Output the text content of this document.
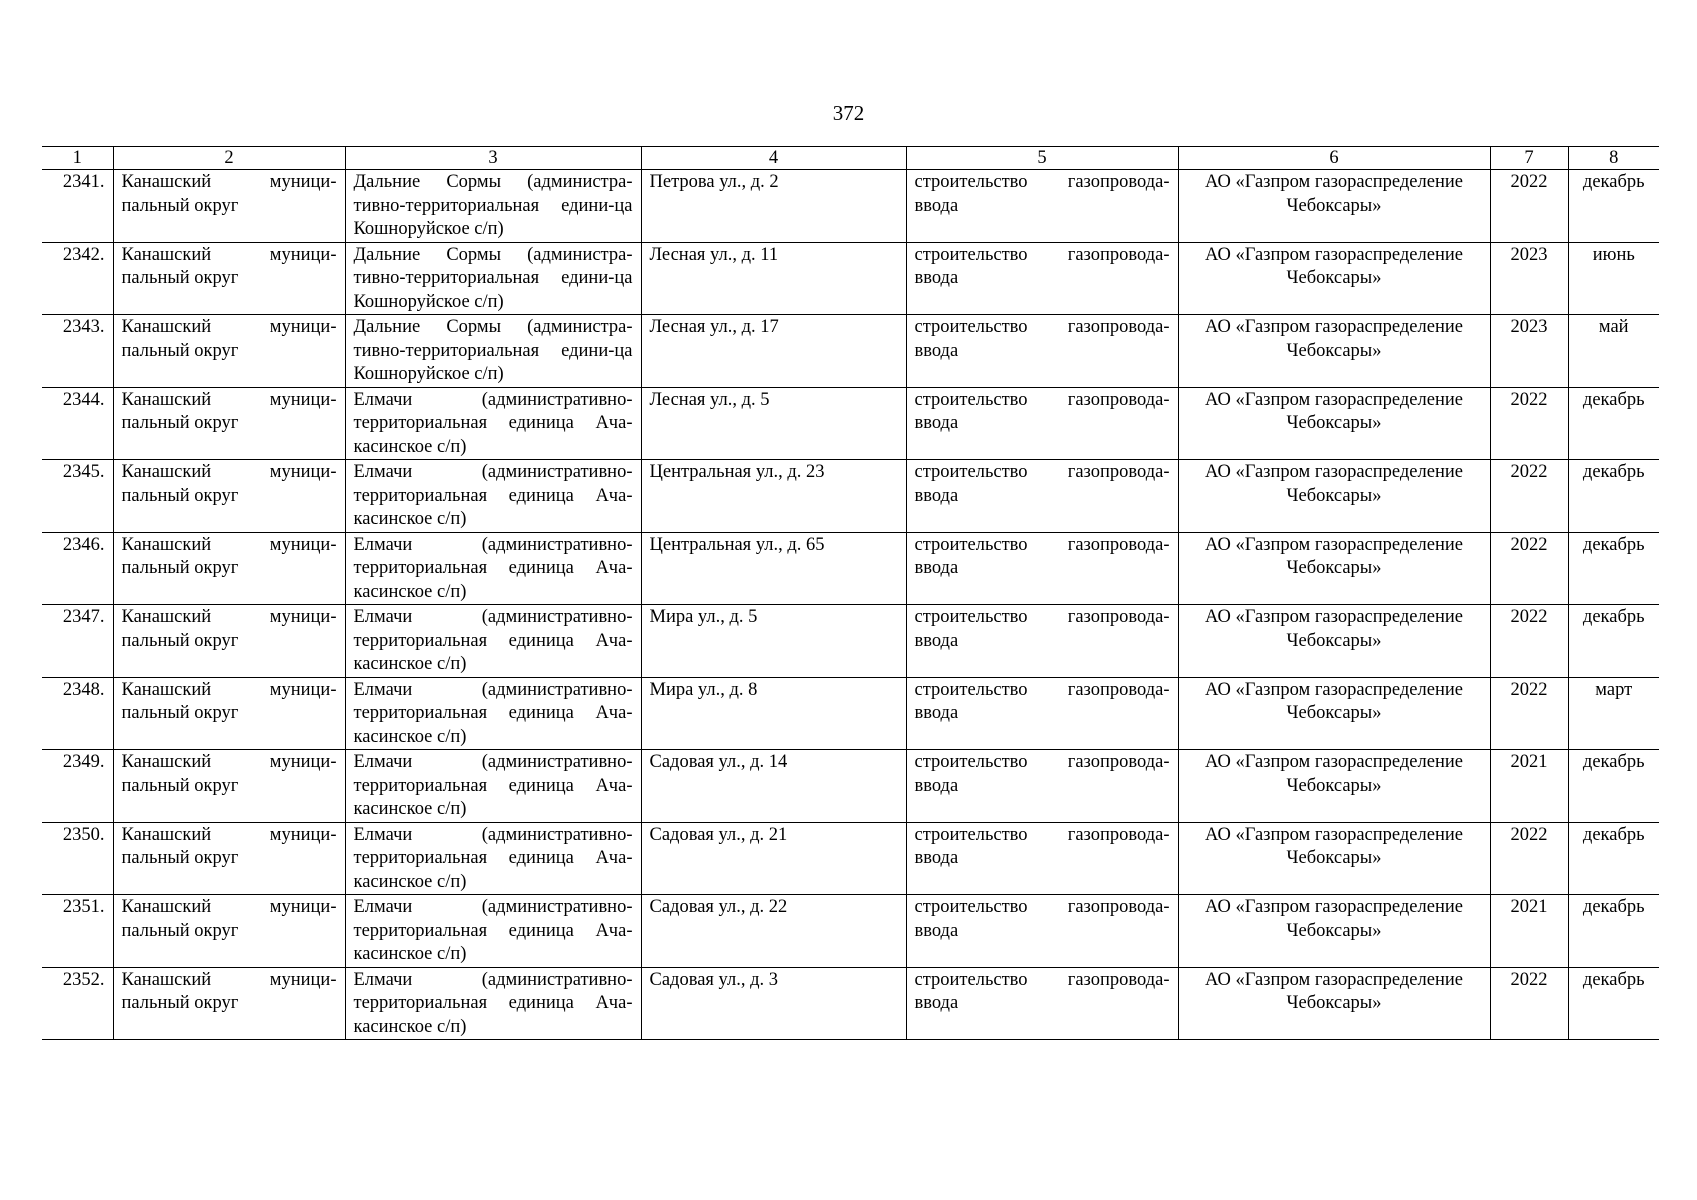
372
1	2	3	4	5	6	7	8
2341.	Канашский муници-пальный округ	Дальние Сормы (администра-тивно-территориальная едини-ца Кошноруйское с/п)	Петрова ул., д. 2	строительство газопровода-ввода	АО «Газпром газораспределение Чебоксары»	2022	декабрь
2342.	Канашский муници-пальный округ	Дальние Сормы (администра-тивно-территориальная едини-ца Кошноруйское с/п)	Лесная ул., д. 11	строительство газопровода-ввода	АО «Газпром газораспределение Чебоксары»	2023	июнь
2343.	Канашский муници-пальный округ	Дальние Сормы (администра-тивно-территориальная едини-ца Кошноруйское с/п)	Лесная ул., д. 17	строительство газопровода-ввода	АО «Газпром газораспределение Чебоксары»	2023	май
2344.	Канашский муници-пальный округ	Елмачи (административно-территориальная единица Ача-касинское с/п)	Лесная ул., д. 5	строительство газопровода-ввода	АО «Газпром газораспределение Чебоксары»	2022	декабрь
2345.	Канашский муници-пальный округ	Елмачи (административно-территориальная единица Ача-касинское с/п)	Центральная ул., д. 23	строительство газопровода-ввода	АО «Газпром газораспределение Чебоксары»	2022	декабрь
2346.	Канашский муници-пальный округ	Елмачи (административно-территориальная единица Ача-касинское с/п)	Центральная ул., д. 65	строительство газопровода-ввода	АО «Газпром газораспределение Чебоксары»	2022	декабрь
2347.	Канашский муници-пальный округ	Елмачи (административно-территориальная единица Ача-касинское с/п)	Мира ул., д. 5	строительство газопровода-ввода	АО «Газпром газораспределение Чебоксары»	2022	декабрь
2348.	Канашский муници-пальный округ	Елмачи (административно-территориальная единица Ача-касинское с/п)	Мира ул., д. 8	строительство газопровода-ввода	АО «Газпром газораспределение Чебоксары»	2022	март
2349.	Канашский муници-пальный округ	Елмачи (административно-территориальная единица Ача-касинское с/п)	Садовая ул., д. 14	строительство газопровода-ввода	АО «Газпром газораспределение Чебоксары»	2021	декабрь
2350.	Канашский муници-пальный округ	Елмачи (административно-территориальная единица Ача-касинское с/п)	Садовая ул., д. 21	строительство газопровода-ввода	АО «Газпром газораспределение Чебоксары»	2022	декабрь
2351.	Канашский муници-пальный округ	Елмачи (административно-территориальная единица Ача-касинское с/п)	Садовая ул., д. 22	строительство газопровода-ввода	АО «Газпром газораспределение Чебоксары»	2021	декабрь
2352.	Канашский муници-пальный округ	Елмачи (административно-территориальная единица Ача-касинское с/п)	Садовая ул., д. 3	строительство газопровода-ввода	АО «Газпром газораспределение Чебоксары»	2022	декабрь
